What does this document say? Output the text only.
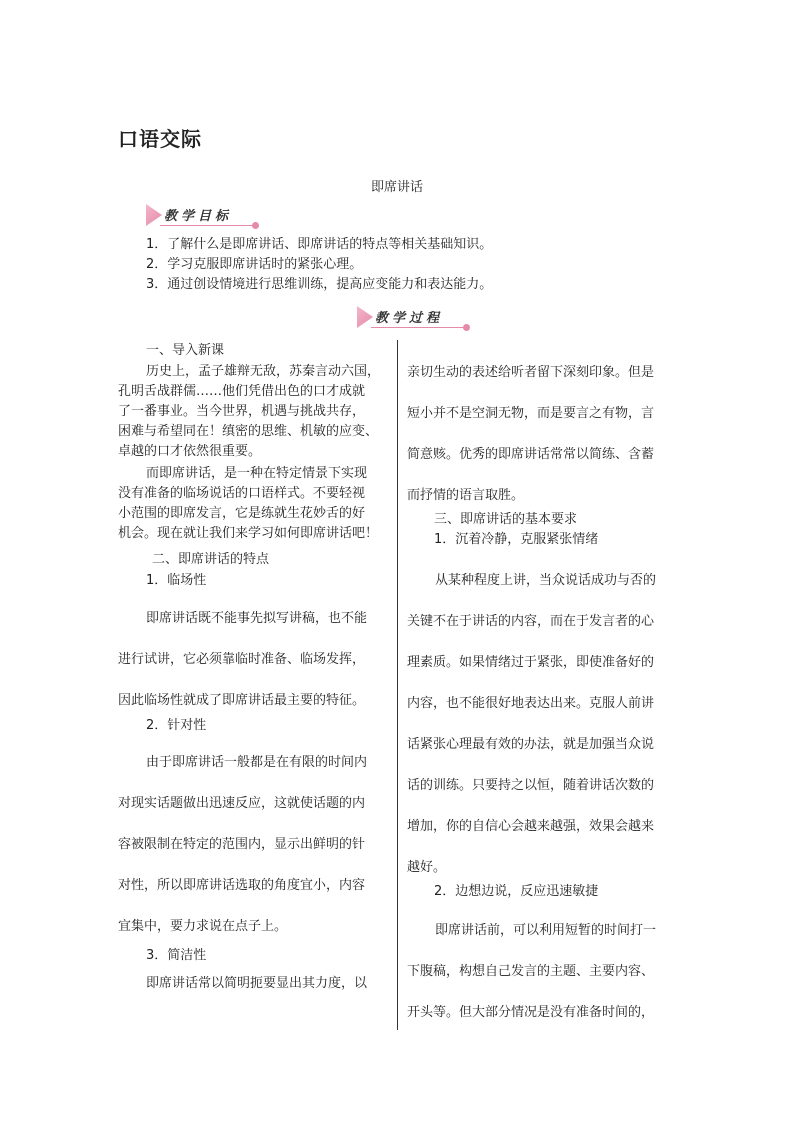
口语交际
即席讲话
教学目标

1．了解什么是即席讲话、即席讲话的特点等相关基础知识。

2．学习克服即席讲话时的紧张心理。

3．通过创设情境进行思维训练，提高应变能力和表达能力。

教学过程
一、导入新课

历史上，孟子雄辩无敌，苏秦言动六国，

孔明舌战群儒……他们凭借出色的口才成就

了一番事业。当今世界，机遇与挑战共存，

困难与希望同在！缜密的思维、机敏的应变、

卓越的口才依然很重要。

而即席讲话，是一种在特定情景下实现

没有准备的临场说话的口语样式。不要轻视

小范围的即席发言，它是练就生花妙舌的好

机会。现在就让我们来学习如何即席讲话吧！

二、即席讲话的特点
1．临场性

即席讲话既不能事先拟写讲稿，也不能

进行试讲，它必须靠临时准备、临场发挥，

因此临场性就成了即席讲话最主要的特征。

2．针对性

由于即席讲话一般都是在有限的时间内

对现实话题做出迅速反应，这就使话题的内

容被限制在特定的范围内，显示出鲜明的针

对性，所以即席讲话选取的角度宜小，内容

宜集中，要力求说在点子上。

3．简洁性

即席讲话常以简明扼要显出其力度，以

亲切生动的表述给听者留下深刻印象。但是

短小并不是空洞无物，而是要言之有物，言

简意赅。优秀的即席讲话常常以简练、含蓄

而抒情的语言取胜。

三、即席讲话的基本要求
1．沉着冷静，克服紧张情绪

从某种程度上讲，当众说话成功与否的

关键不在于讲话的内容，而在于发言者的心

理素质。如果情绪过于紧张，即使准备好的

内容，也不能很好地表达出来。克服人前讲

话紧张心理最有效的办法，就是加强当众说

话的训练。只要持之以恒，随着讲话次数的

增加，你的自信心会越来越强，效果会越来

越好。

2．边想边说，反应迅速敏捷

即席讲话前，可以利用短暂的时间打一

下腹稿，构想自己发言的主题、主要内容、

开头等。但大部分情况是没有准备时间的，
